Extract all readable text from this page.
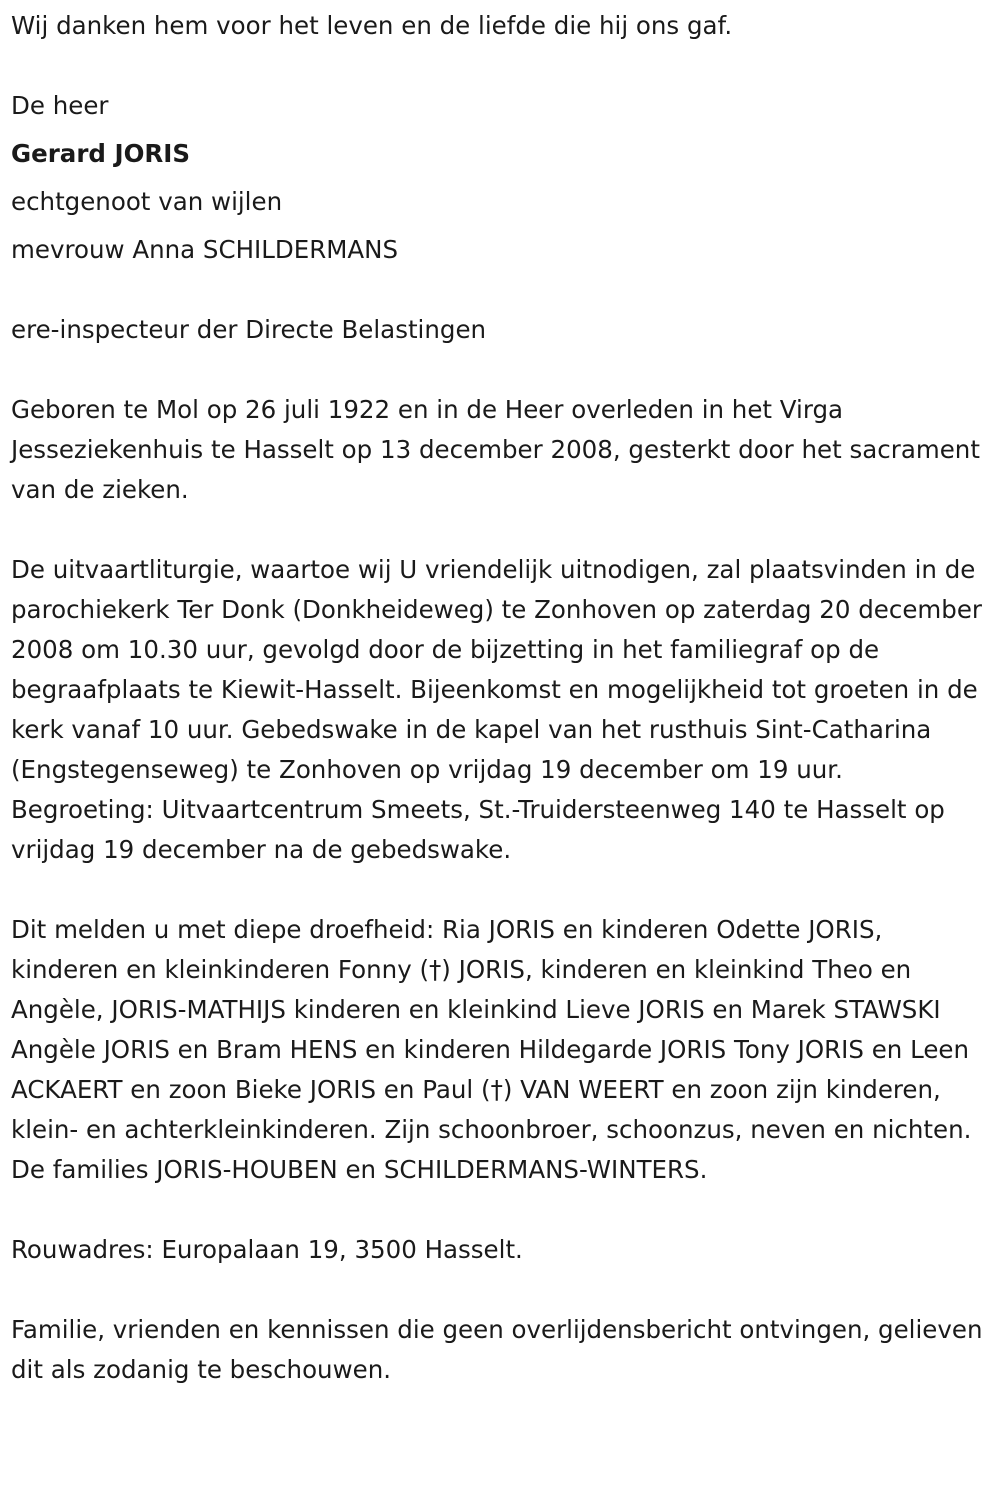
Wij danken hem voor het leven en de liefde die hij ons gaf.

De heer

Gerard JORIS

echtgenoot van wijlen

mevrouw Anna SCHILDERMANS

ere-inspecteur der Directe Belastingen

Geboren te Mol op 26 juli 1922 en in de Heer overleden in het Virga Jesseziekenhuis te Hasselt op 13 december 2008, gesterkt door het sacrament van de zieken.

De uitvaartliturgie, waartoe wij U vriendelijk uitnodigen, zal plaatsvinden in de parochiekerk Ter Donk (Donkheideweg) te Zonhoven op zaterdag 20 december 2008 om 10.30 uur, gevolgd door de bijzetting in het familiegraf op de begraafplaats te Kiewit-Hasselt. Bijeenkomst en mogelijkheid tot groeten in de kerk vanaf 10 uur. Gebedswake in de kapel van het rusthuis Sint-Catharina (Engstegenseweg) te Zonhoven op vrijdag 19 december om 19 uur. Begroeting: Uitvaartcentrum Smeets, St.-Truidersteenweg 140 te Hasselt op vrijdag 19 december na de gebedswake.

Dit melden u met diepe droefheid: Ria JORIS en kinderen Odette JORIS, kinderen en kleinkinderen Fonny (†) JORIS, kinderen en kleinkind Theo en Angèle, JORIS-MATHIJS kinderen en kleinkind Lieve JORIS en Marek STAWSKI Angèle JORIS en Bram HENS en kinderen Hildegarde JORIS Tony JORIS en Leen ACKAERT en zoon Bieke JORIS en Paul (†) VAN WEERT en zoon zijn kinderen, klein- en achterkleinkinderen. Zijn schoonbroer, schoonzus, neven en nichten. De families JORIS-HOUBEN en SCHILDERMANS-WINTERS.

Rouwadres: Europalaan 19, 3500 Hasselt.

Familie, vrienden en kennissen die geen overlijdensbericht ontvingen, gelieven dit als zodanig te beschouwen.
